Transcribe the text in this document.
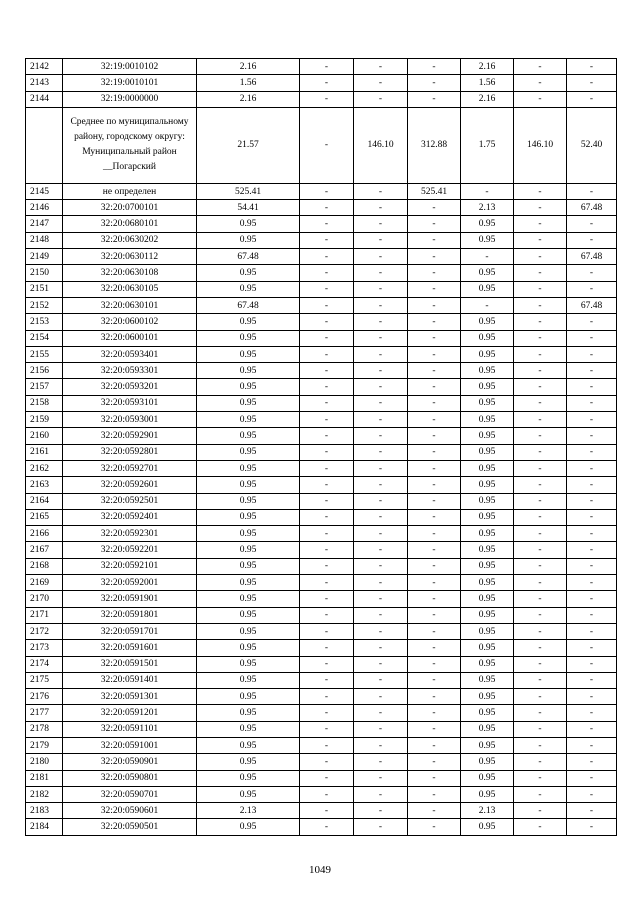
2142	32:19:0010102	2.16	-	-	-	2.16	-	-
2143	32:19:0010101	1.56	-	-	-	1.56	-	-
2144	32:19:0000000	2.16	-	-	-	2.16	-	-
	Среднее по муниципальному району, городскому округу: Муниципальный район __Погарский	21.57	-	146.10	312.88	1.75	146.10	52.40
2145	не определен	525.41	-	-	525.41	-	-	-
2146	32:20:0700101	54.41	-	-	-	2.13	-	67.48
2147	32:20:0680101	0.95	-	-	-	0.95	-	-
2148	32:20:0630202	0.95	-	-	-	0.95	-	-
2149	32:20:0630112	67.48	-	-	-	-	-	67.48
2150	32:20:0630108	0.95	-	-	-	0.95	-	-
2151	32:20:0630105	0.95	-	-	-	0.95	-	-
2152	32:20:0630101	67.48	-	-	-	-	-	67.48
2153	32:20:0600102	0.95	-	-	-	0.95	-	-
2154	32:20:0600101	0.95	-	-	-	0.95	-	-
2155	32:20:0593401	0.95	-	-	-	0.95	-	-
2156	32:20:0593301	0.95	-	-	-	0.95	-	-
2157	32:20:0593201	0.95	-	-	-	0.95	-	-
2158	32:20:0593101	0.95	-	-	-	0.95	-	-
2159	32:20:0593001	0.95	-	-	-	0.95	-	-
2160	32:20:0592901	0.95	-	-	-	0.95	-	-
2161	32:20:0592801	0.95	-	-	-	0.95	-	-
2162	32:20:0592701	0.95	-	-	-	0.95	-	-
2163	32:20:0592601	0.95	-	-	-	0.95	-	-
2164	32:20:0592501	0.95	-	-	-	0.95	-	-
2165	32:20:0592401	0.95	-	-	-	0.95	-	-
2166	32:20:0592301	0.95	-	-	-	0.95	-	-
2167	32:20:0592201	0.95	-	-	-	0.95	-	-
2168	32:20:0592101	0.95	-	-	-	0.95	-	-
2169	32:20:0592001	0.95	-	-	-	0.95	-	-
2170	32:20:0591901	0.95	-	-	-	0.95	-	-
2171	32:20:0591801	0.95	-	-	-	0.95	-	-
2172	32:20:0591701	0.95	-	-	-	0.95	-	-
2173	32:20:0591601	0.95	-	-	-	0.95	-	-
2174	32:20:0591501	0.95	-	-	-	0.95	-	-
2175	32:20:0591401	0.95	-	-	-	0.95	-	-
2176	32:20:0591301	0.95	-	-	-	0.95	-	-
2177	32:20:0591201	0.95	-	-	-	0.95	-	-
2178	32:20:0591101	0.95	-	-	-	0.95	-	-
2179	32:20:0591001	0.95	-	-	-	0.95	-	-
2180	32:20:0590901	0.95	-	-	-	0.95	-	-
2181	32:20:0590801	0.95	-	-	-	0.95	-	-
2182	32:20:0590701	0.95	-	-	-	0.95	-	-
2183	32:20:0590601	2.13	-	-	-	2.13	-	-
2184	32:20:0590501	0.95	-	-	-	0.95	-	-
1049
